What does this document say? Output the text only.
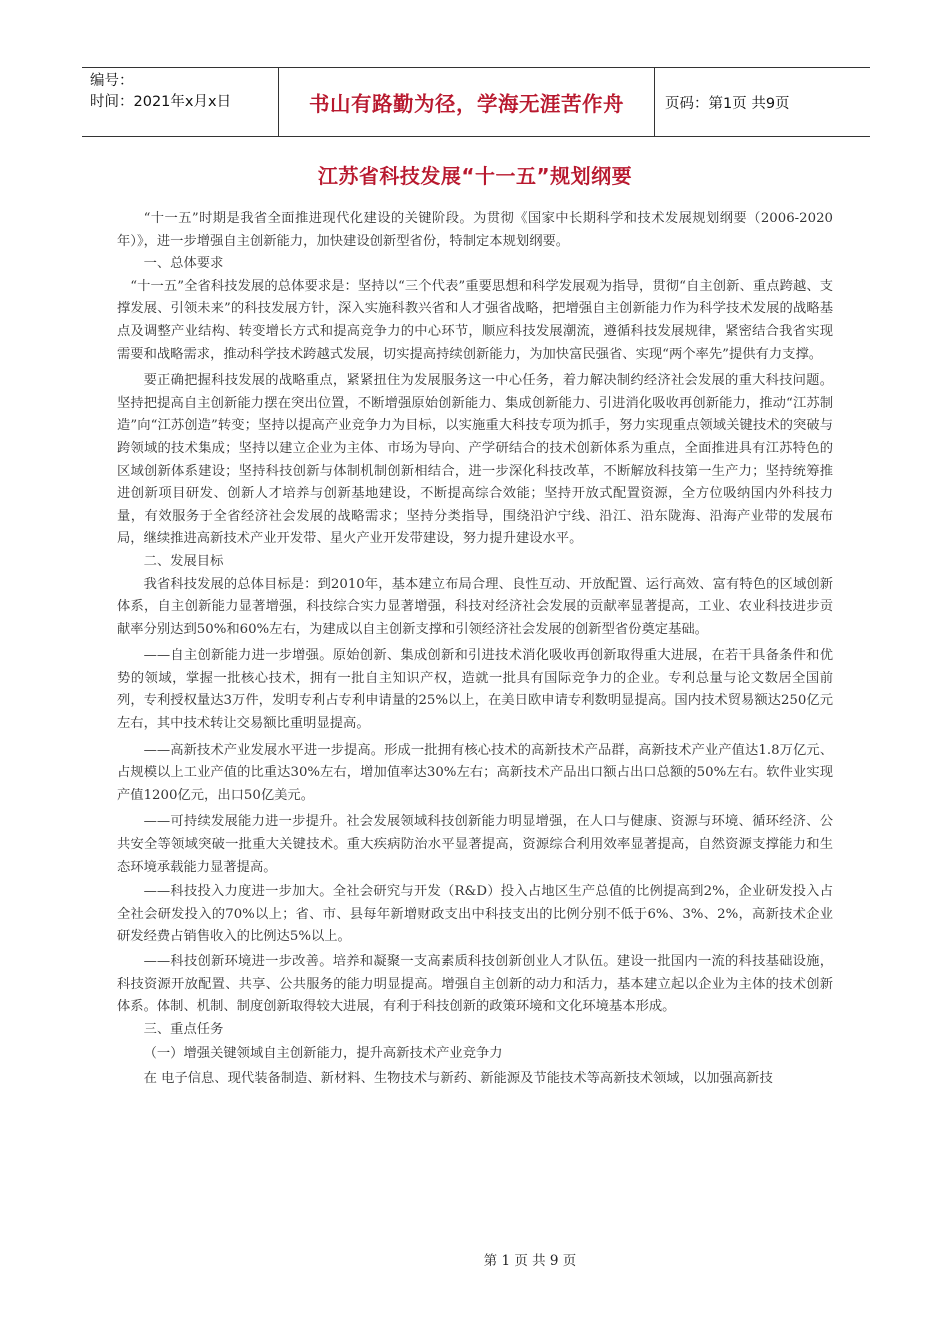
编号：
时间：2021年x月x日	书山有路勤为径，学海无涯苦作舟	页码：第1页 共9页
江苏省科技发展“十一五”规划纲要

“十一五”时期是我省全面推进现代化建设的关键阶段。为贯彻《国家中长期科学和技术发展规划纲要（2006-2020年）》，进一步增强自主创新能力，加快建设创新型省份，特制定本规划纲要。

一、总体要求

“十一五”全省科技发展的总体要求是：坚持以“三个代表”重要思想和科学发展观为指导，贯彻“自主创新、重点跨越、支撑发展、引领未来”的科技发展方针，深入实施科教兴省和人才强省战略，把增强自主创新能力作为科学技术发展的战略基点及调整产业结构、转变增长方式和提高竞争力的中心环节，顺应科技发展潮流，遵循科技发展规律，紧密结合我省实现需要和战略需求，推动科学技术跨越式发展，切实提高持续创新能力，为加快富民强省、实现“两个率先”提供有力支撑。

要正确把握科技发展的战略重点，紧紧扭住为发展服务这一中心任务，着力解决制约经济社会发展的重大科技问题。坚持把提高自主创新能力摆在突出位置，不断增强原始创新能力、集成创新能力、引进消化吸收再创新能力，推动“江苏制造”向“江苏创造”转变；坚持以提高产业竞争力为目标，以实施重大科技专项为抓手，努力实现重点领域关键技术的突破与跨领域的技术集成；坚持以建立企业为主体、市场为导向、产学研结合的技术创新体系为重点，全面推进具有江苏特色的区域创新体系建设；坚持科技创新与体制机制创新相结合，进一步深化科技改革，不断解放科技第一生产力；坚持统筹推进创新项目研发、创新人才培养与创新基地建设，不断提高综合效能；坚持开放式配置资源，全方位吸纳国内外科技力量，有效服务于全省经济社会发展的战略需求；坚持分类指导，围绕沿沪宁线、沿江、沿东陇海、沿海产业带的发展布局，继续推进高新技术产业开发带、星火产业开发带建设，努力提升建设水平。

二、发展目标

我省科技发展的总体目标是：到2010年，基本建立布局合理、良性互动、开放配置、运行高效、富有特色的区域创新体系，自主创新能力显著增强，科技综合实力显著增强，科技对经济社会发展的贡献率显著提高，工业、农业科技进步贡献率分别达到50%和60%左右，为建成以自主创新支撑和引领经济社会发展的创新型省份奠定基础。

——自主创新能力进一步增强。原始创新、集成创新和引进技术消化吸收再创新取得重大进展，在若干具备条件和优势的领域，掌握一批核心技术，拥有一批自主知识产权，造就一批具有国际竞争力的企业。专利总量与论文数居全国前列，专利授权量达3万件，发明专利占专利申请量的25%以上，在美日欧申请专利数明显提高。国内技术贸易额达250亿元左右，其中技术转让交易额比重明显提高。

——高新技术产业发展水平进一步提高。形成一批拥有核心技术的高新技术产品群，高新技术产业产值达1.8万亿元、占规模以上工业产值的比重达30%左右，增加值率达30%左右；高新技术产品出口额占出口总额的50%左右。软件业实现产值1200亿元，出口50亿美元。

——可持续发展能力进一步提升。社会发展领域科技创新能力明显增强，在人口与健康、资源与环境、循环经济、公共安全等领域突破一批重大关键技术。重大疾病防治水平显著提高，资源综合利用效率显著提高，自然资源支撑能力和生态环境承载能力显著提高。

——科技投入力度进一步加大。全社会研究与开发（R&D）投入占地区生产总值的比例提高到2%，企业研发投入占全社会研发投入的70%以上；省、市、县每年新增财政支出中科技支出的比例分别不低于6%、3%、2%，高新技术企业研发经费占销售收入的比例达5%以上。

——科技创新环境进一步改善。培养和凝聚一支高素质科技创新创业人才队伍。建设一批国内一流的科技基础设施，科技资源开放配置、共享、公共服务的能力明显提高。增强自主创新的动力和活力，基本建立起以企业为主体的技术创新体系。体制、机制、制度创新取得较大进展，有利于科技创新的政策环境和文化环境基本形成。

三、重点任务

（一）增强关键领域自主创新能力，提升高新技术产业竞争力

在 电子信息、现代装备制造、新材料、生物技术与新药、新能源及节能技术等高新技术领域，以加强高新技

第 1 页 共 9 页
